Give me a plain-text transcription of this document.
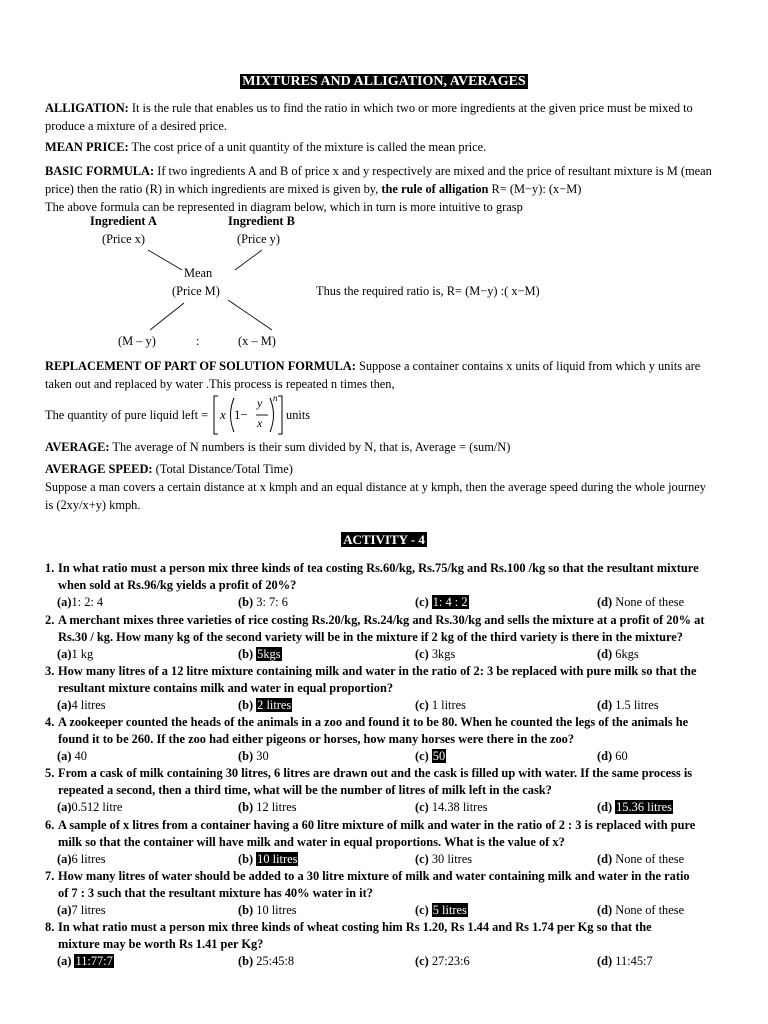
MIXTURES AND ALLIGATION, AVERAGES
ALLIGATION: It is the rule that enables us to find the ratio in which two or more ingredients at the given price must be mixed to
produce a mixture of a desired price.
MEAN PRICE: The cost price of a unit quantity of the mixture is called the mean price.
BASIC FORMULA: If two ingredients A and B of price x and y respectively are mixed and the price of resultant mixture is M (mean
price) then the ratio (R) in which ingredients are mixed is given by, the rule of alligation R= (M−y): (x−M)
The above formula can be represented in diagram below, which in turn is more intuitive to grasp
Ingredient A	Ingredient B
(Price x)	(Price y)
Mean
(Price M)	Thus the required ratio is, R= (M−y) :( x−M)
(M – y)	:	(x – M)
REPLACEMENT OF PART OF SOLUTION FORMULA: Suppose a container contains x units of liquid from which y units are
taken out and replaced by water .This process is repeated n times then,
The quantity of pure liquid left = x 1−
y
x
n
units
AVERAGE: The average of N numbers is their sum divided by N, that is, Average = (sum/N)
AVERAGE SPEED: (Total Distance/Total Time)
Suppose a man covers a certain distance at x kmph and an equal distance at y kmph, then the average speed during the whole journey
is (2xy/x+y) kmph.
ACTIVITY - 4
1. In what ratio must a person mix three kinds of tea costing Rs.60/kg, Rs.75/kg and Rs.100 /kg so that the resultant mixture
when sold at Rs.96/kg yields a profit of 20%?
(a)1: 2: 4	(b) 3: 7: 6	(c) 1: 4 : 2	(d) None of these
2. A merchant mixes three varieties of rice costing Rs.20/kg, Rs.24/kg and Rs.30/kg and sells the mixture at a profit of 20% at
Rs.30 / kg. How many kg of the second variety will be in the mixture if 2 kg of the third variety is there in the mixture?
(a)1 kg	(b) 5kgs	(c) 3kgs	(d) 6kgs
3. How many litres of a 12 litre mixture containing milk and water in the ratio of 2: 3 be replaced with pure milk so that the
resultant mixture contains milk and water in equal proportion?
(a)4 litres	(b) 2 litres	(c) 1 litres	(d) 1.5 litres
4. A zookeeper counted the heads of the animals in a zoo and found it to be 80. When he counted the legs of the animals he
found it to be 260. If the zoo had either pigeons or horses, how many horses were there in the zoo?
(a) 40	(b) 30	(c) 50	(d) 60
5. From a cask of milk containing 30 litres, 6 litres are drawn out and the cask is filled up with water. If the same process is
repeated a second, then a third time, what will be the number of litres of milk left in the cask?
(a)0.512 litre	(b) 12 litres	(c) 14.38 litres	(d) 15.36 litres
6. A sample of x litres from a container having a 60 litre mixture of milk and water in the ratio of 2 : 3 is replaced with pure
milk so that the container will have milk and water in equal proportions. What is the value of x?
(a)6 litres	(b) 10 litres	(c) 30 litres	(d) None of these
7. How many litres of water should be added to a 30 litre mixture of milk and water containing milk and water in the ratio
of 7 : 3 such that the resultant mixture has 40% water in it?
(a)7 litres	(b) 10 litres	(c) 5 litres	(d) None of these
8. In what ratio must a person mix three kinds of wheat costing him Rs 1.20, Rs 1.44 and Rs 1.74 per Kg so that the
mixture may be worth Rs 1.41 per Kg?
(a) 11:77:7	(b) 25:45:8	(c) 27:23:6	(d) 11:45:7
